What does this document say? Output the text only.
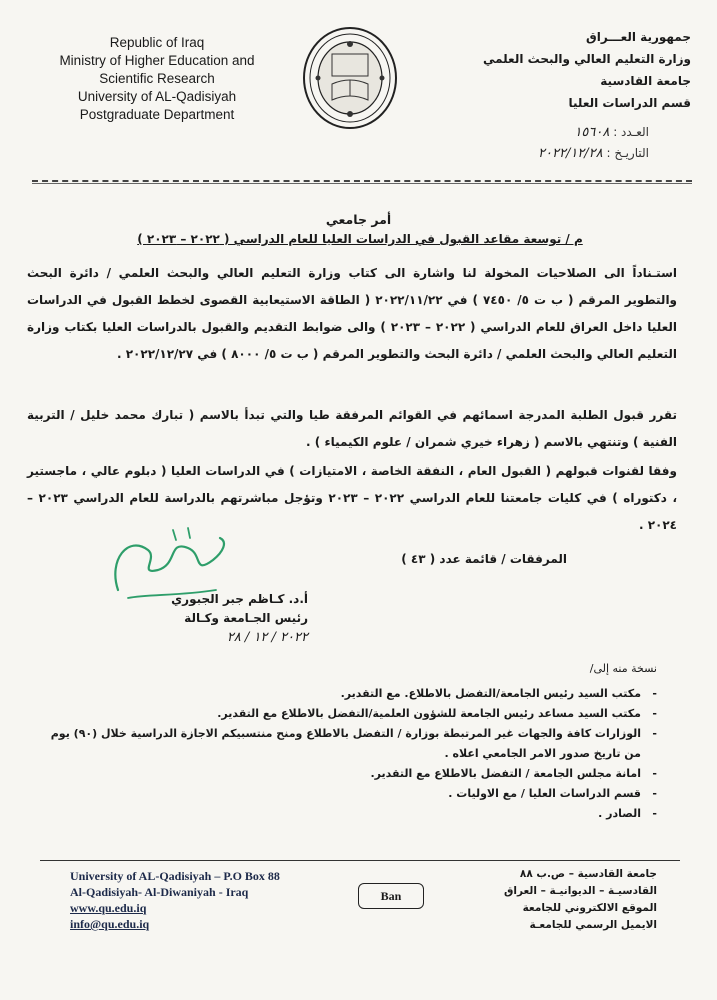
Republic of Iraq
Ministry of Higher Education and
Scientific Research
University of AL-Qadisiyah
Postgraduate Department
جمهورية العـــراق
وزارة التعليم العالي والبحث العلمي
جامعة القادسية
قسم الدراسات العليا
العـدد : ١٥٦٠٨
التاريـخ : ٢٠٢٢/١٢/٢٨
أمر جامعي
م / توسعة مقاعد القبول في الدراسات العليا للعام الدراسي ( ٢٠٢٢ – ٢٠٢٣ )
استـناداً الى الصلاحيات المخولة لنا واشارة الى كتاب وزارة التعليم العالي والبحث العلمي / دائرة البحث والتطوير المرقم ( ب ت ٥/ ٧٤٥٠ ) في ٢٠٢٢/١١/٢٢ ( الطاقة الاستيعابية القصوى لخطط القبول في الدراسات العليا داخل العراق للعام الدراسي ( ٢٠٢٢ – ٢٠٢٣ ) والى ضوابط التقديم والقبول بالدراسات العليا بكتاب وزارة التعليم العالي والبحث العلمي / دائرة البحث والتطوير المرقم ( ب ت ٥/ ٨٠٠٠ ) في ٢٠٢٢/١٢/٢٧ .
تقرر قبول الطلبة المدرجة اسمائهم في القوائم المرفقة طيا والتي تبدأ بالاسم ( تبارك محمد خليل / التربية الفنية ) وتنتهي بالاسم ( زهراء خيري شمران / علوم الكيمياء ) .
وفقا لقنوات قبولهم ( القبول العام ، النفقة الخاصة ، الامتيازات ) في الدراسات العليا ( دبلوم عالي ، ماجستير ، دكتوراه ) في كليات جامعتنا للعام الدراسي ٢٠٢٢ – ٢٠٢٣ وتؤجل مباشرتهم بالدراسة للعام الدراسي ٢٠٢٣ – ٢٠٢٤ .
المرفقات / قائمة عدد ( ٤٣ )
أ.د. كـاظم جبر الجبوري
رئيس الجـامعة وكـالة
٢٠٢٢ / ١٢ / ٢٨
نسخة منه إلى/
- مكتب السيد رئيس الجامعة/التفضل بالاطلاع. مع التقدير.
- مكتب السيد مساعد رئيس الجامعة للشؤون العلمية/التفضل بالاطلاع مع التقدير.
- الوزارات كافة والجهات غير المرتبطة بوزارة / التفضل بالاطلاع ومنح منتسبيكم الاجازة الدراسية خلال (٩٠) يوم من تاريخ صدور الامر الجامعي اعلاه .
- امانة مجلس الجامعة / التفضل بالاطلاع مع التقدير.
- قسم الدراسات العليا / مع الاوليات .
- الصادر .
University of AL-Qadisiyah – P.O Box 88
Al-Qadisiyah- Al-Diwaniyah - Iraq
www.qu.edu.iq
info@qu.edu.iq
Ban
جامعة القادسية – ص.ب ٨٨
القادسيـة – الديوانيـة – العراق
الموقع الالكتروني للجامعة
الايميل الرسمي للجامعـة
